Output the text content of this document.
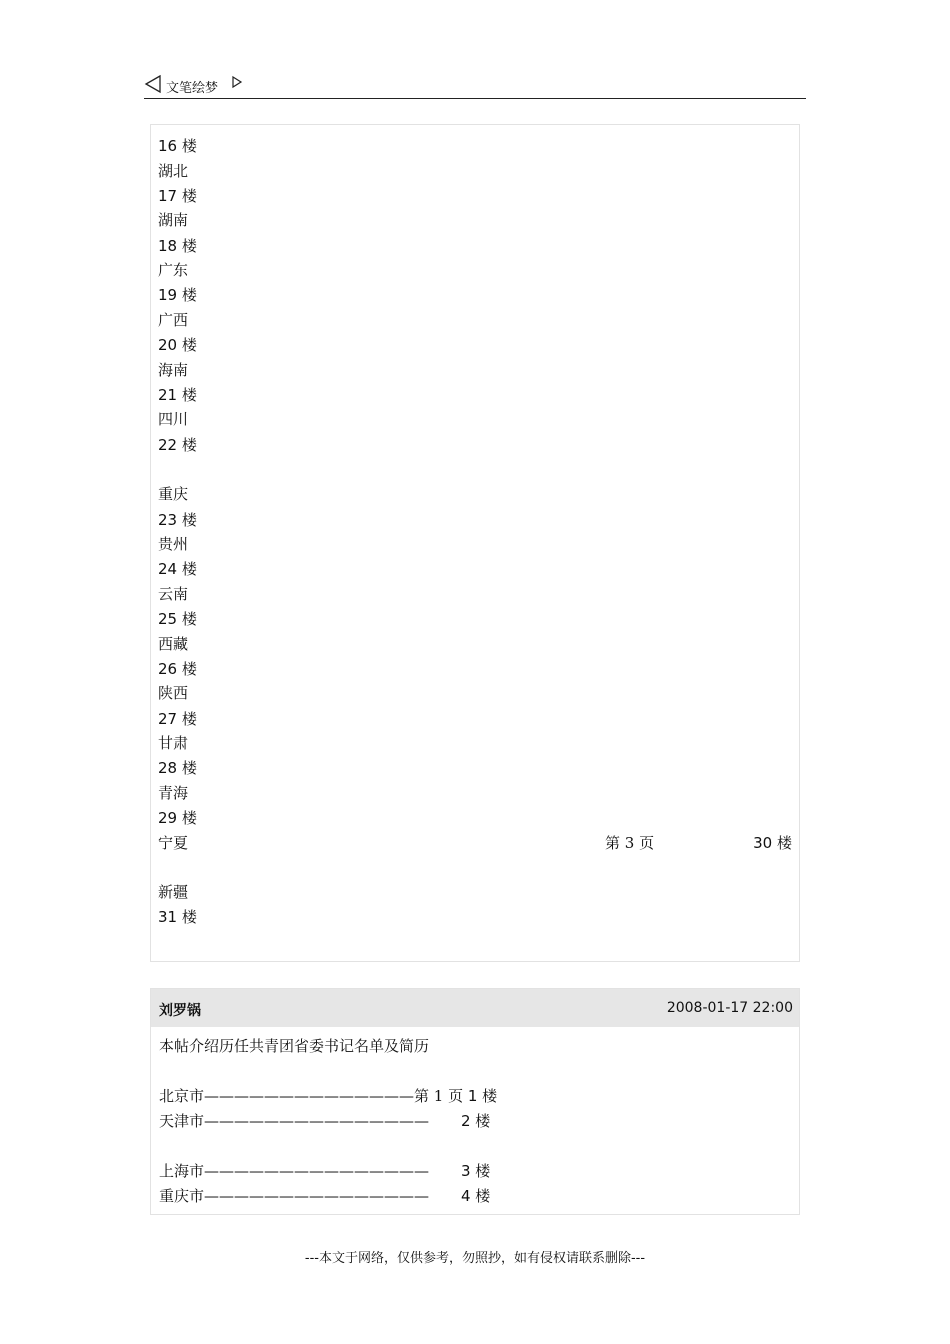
文笔绘梦
16 楼
湖北
17 楼
湖南
18 楼
广东
19 楼
广西
20 楼
海南
21 楼
四川
22 楼
重庆
23 楼
贵州
24 楼
云南
25 楼
西藏
26 楼
陕西
27 楼
甘肃
28 楼
青海
29 楼
宁夏	第 3 页	30 楼
新疆
31 楼
刘罗锅	2008-01-17 22:00
本帖介绍历任共青团省委书记名单及简历
北京市——————————————第 1 页 1 楼
天津市——————————————— 2 楼
上海市——————————————— 3 楼
重庆市——————————————— 4 楼
---本文于网络，仅供参考，勿照抄，如有侵权请联系删除---
